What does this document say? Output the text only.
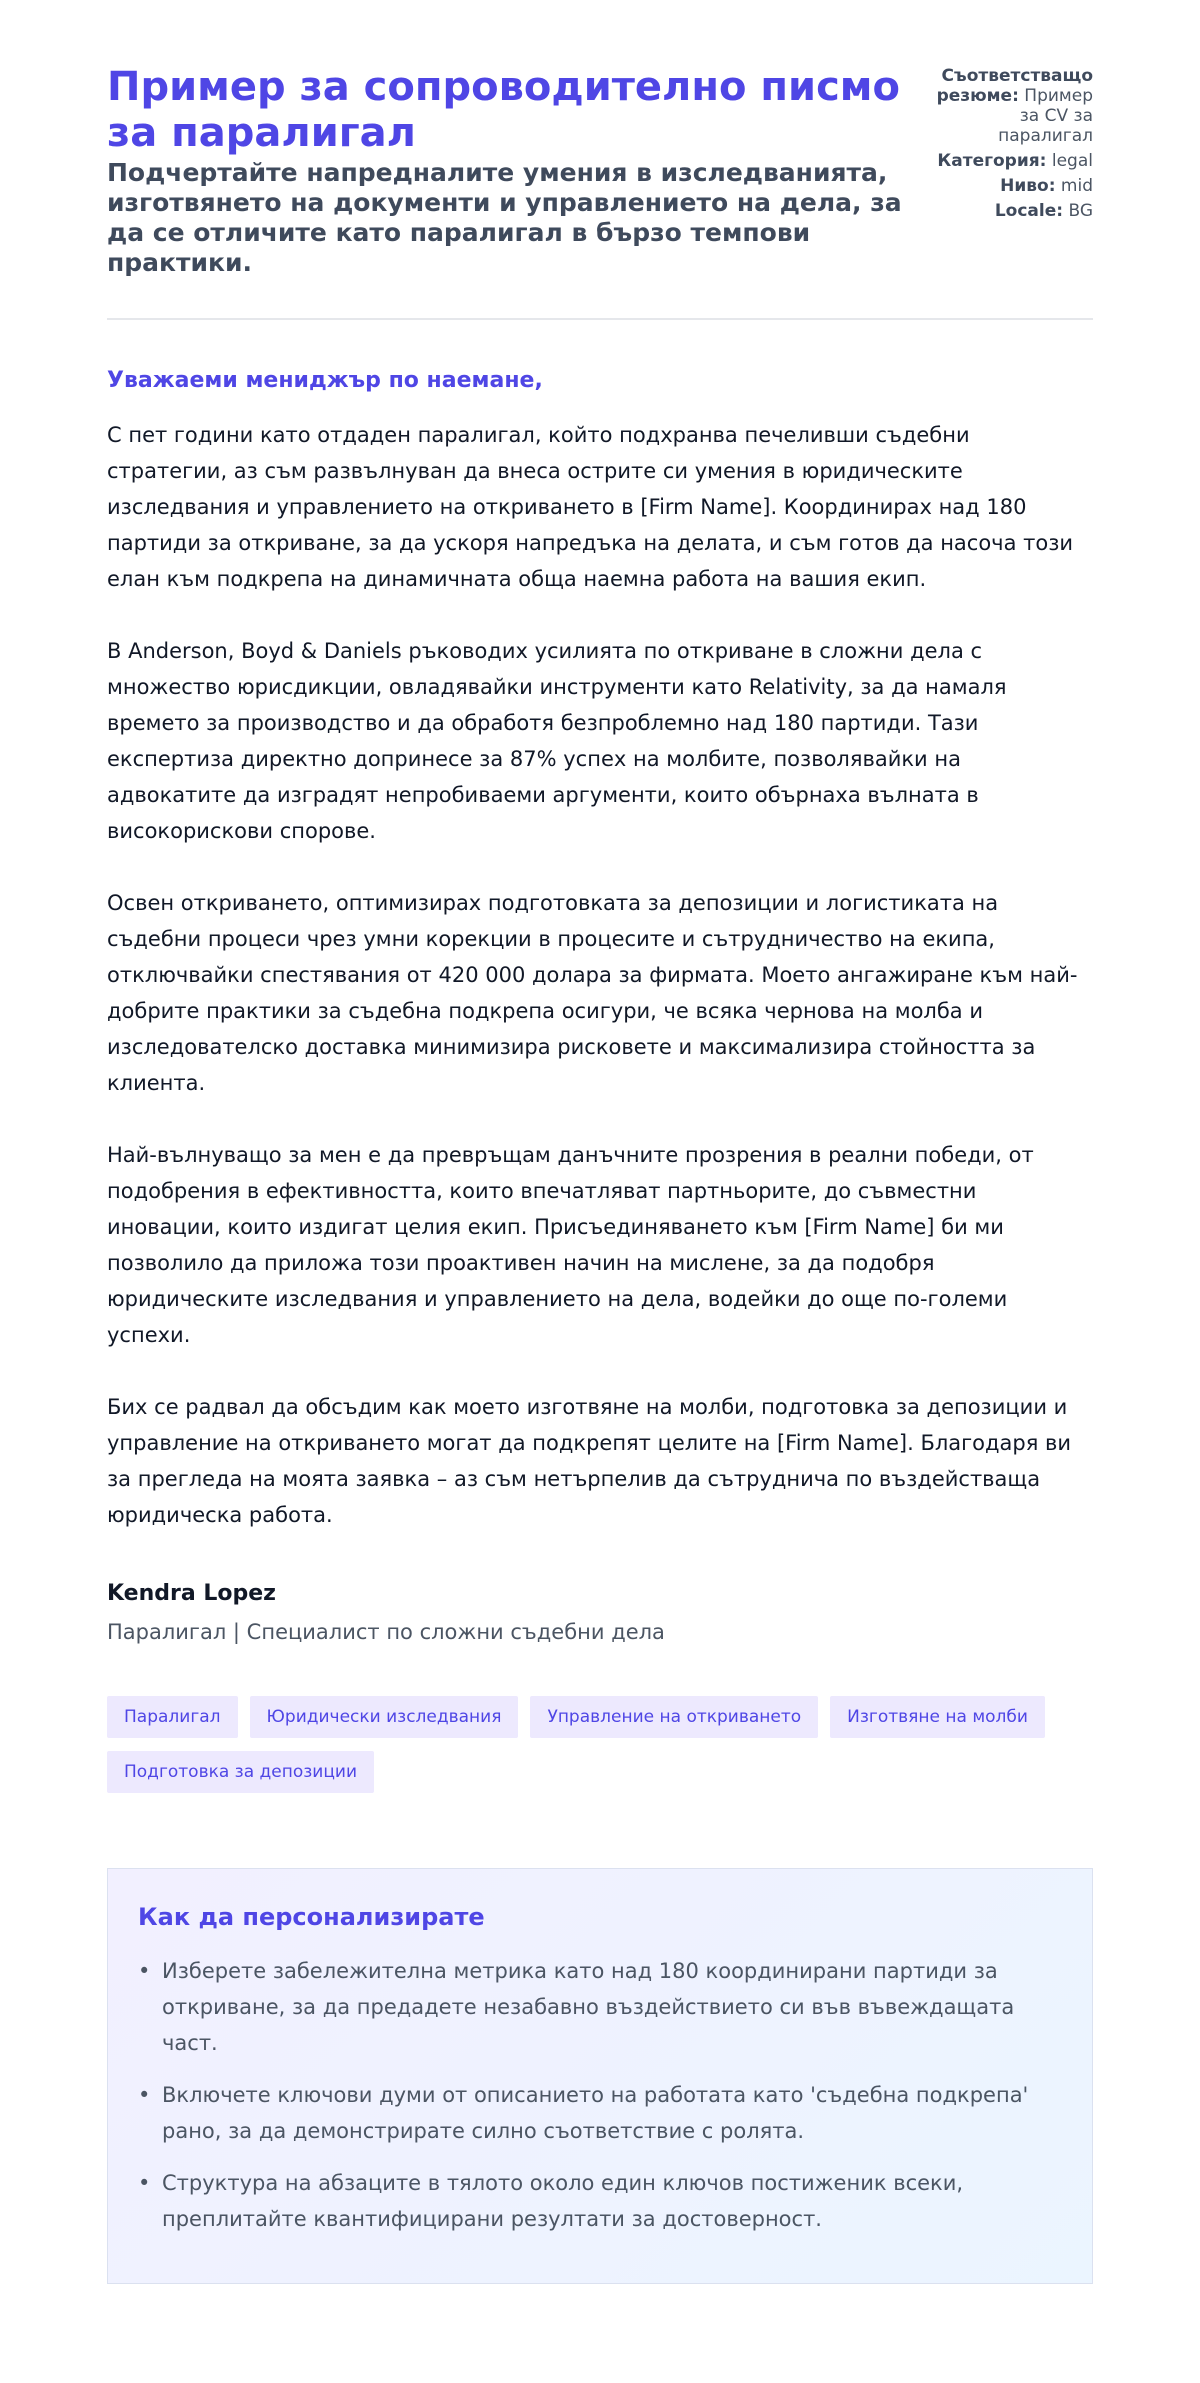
Пример за сопроводително писмо за паралигал
Подчертайте напредналите умения в изследванията, изготвянето на документи и управлението на дела, за да се отличите като паралигал в бързо темпови практики.
Съответстващо резюме: Пример за CV за паралигал
Категория: legal
Ниво: mid
Locale: BG
Уважаеми мениджър по наемане,

С пет години като отдаден паралигал, който подхранва печеливши съдебни стратегии, аз съм развълнуван да внеса острите си умения в юридическите изследвания и управлението на откриването в [Firm Name]. Координирах над 180 партиди за откриване, за да ускоря напредъка на делата, и съм готов да насоча този елан към подкрепа на динамичната обща наемна работа на вашия екип.

В Anderson, Boyd & Daniels ръководих усилията по откриване в сложни дела с множество юрисдикции, овладявайки инструменти като Relativity, за да намаля времето за производство и да обработя безпроблемно над 180 партиди. Тази експертиза директно допринесе за 87% успех на молбите, позволявайки на адвокатите да изградят непробиваеми аргументи, които обърнаха вълната в високорискови спорове.

Освен откриването, оптимизирах подготовката за депозиции и логистиката на съдебни процеси чрез умни корекции в процесите и сътрудничество на екипа, отключвайки спестявания от 420 000 долара за фирмата. Моето ангажиране към най-добрите практики за съдебна подкрепа осигури, че всяка чернова на молба и изследователско доставка минимизира рисковете и максимализира стойността за клиента.

Най-вълнуващо за мен е да превръщам данъчните прозрения в реални победи, от подобрения в ефективността, които впечатляват партньорите, до съвместни иновации, които издигат целия екип. Присъединяването към [Firm Name] би ми позволило да приложа този проактивен начин на мислене, за да подобря юридическите изследвания и управлението на дела, водейки до още по-големи успехи.

Бих се радвал да обсъдим как моето изготвяне на молби, подготовка за депозиции и управление на откриването могат да подкрепят целите на [Firm Name]. Благодаря ви за прегледа на моята заявка – аз съм нетърпелив да сътруднича по въздействаща юридическа работа.

Kendra Lopez
Паралигал | Специалист по сложни съдебни дела
Паралигал	Юридически изследвания	Управление на откриването	Изготвяне на молби
Подготовка за депозиции
Как да персонализирате
• Изберете забележителна метрика като над 180 координирани партиди за откриване, за да предадете незабавно въздействието си във въвеждащата част.
• Включете ключови думи от описанието на работата като 'съдебна подкрепа' рано, за да демонстрирате силно съответствие с ролята.
• Структура на абзаците в тялото около един ключов постиженик всеки, преплитайте квантифицирани резултати за достоверност.
